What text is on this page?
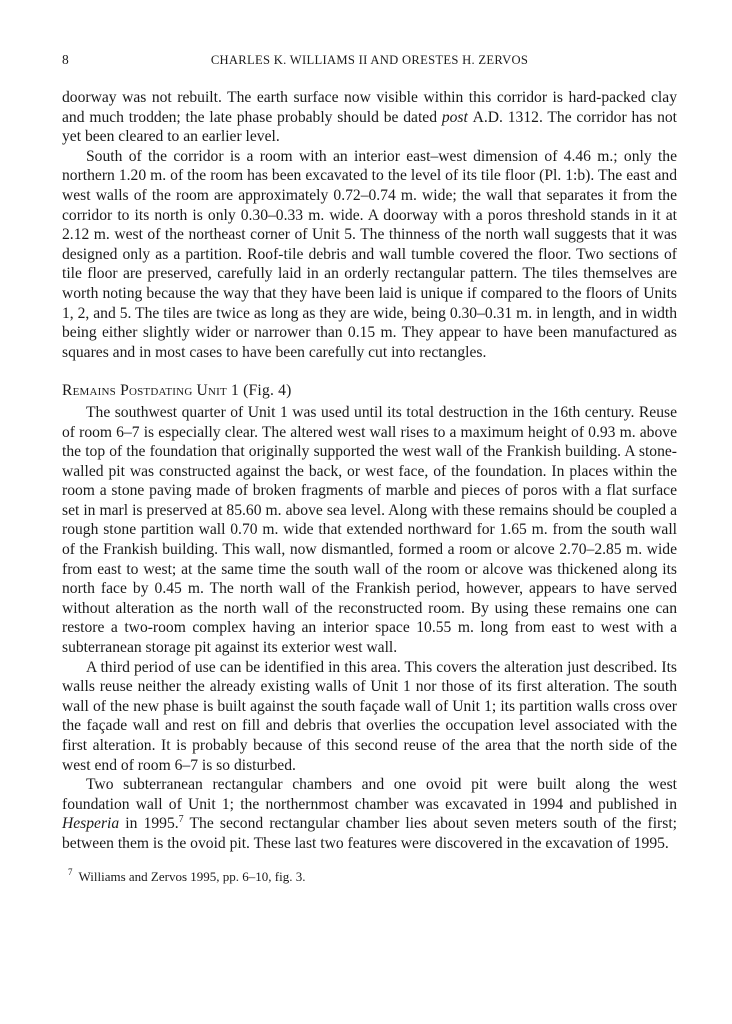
8	CHARLES K. WILLIAMS II AND ORESTES H. ZERVOS

doorway was not rebuilt. The earth surface now visible within this corridor is hard-packed clay and much trodden; the late phase probably should be dated post A.D. 1312. The corridor has not yet been cleared to an earlier level.

South of the corridor is a room with an interior east–west dimension of 4.46 m.; only the northern 1.20 m. of the room has been excavated to the level of its tile floor (Pl. 1:b). The east and west walls of the room are approximately 0.72–0.74 m. wide; the wall that separates it from the corridor to its north is only 0.30–0.33 m. wide. A doorway with a poros threshold stands in it at 2.12 m. west of the northeast corner of Unit 5. The thinness of the north wall suggests that it was designed only as a partition. Roof-tile debris and wall tumble covered the floor. Two sections of tile floor are preserved, carefully laid in an orderly rectangular pattern. The tiles themselves are worth noting because the way that they have been laid is unique if compared to the floors of Units 1, 2, and 5. The tiles are twice as long as they are wide, being 0.30–0.31 m. in length, and in width being either slightly wider or narrower than 0.15 m. They appear to have been manufactured as squares and in most cases to have been carefully cut into rectangles.

Remains Postdating Unit 1 (Fig. 4)

The southwest quarter of Unit 1 was used until its total destruction in the 16th century. Reuse of room 6–7 is especially clear. The altered west wall rises to a maximum height of 0.93 m. above the top of the foundation that originally supported the west wall of the Frankish building. A stone-walled pit was constructed against the back, or west face, of the foundation. In places within the room a stone paving made of broken fragments of marble and pieces of poros with a flat surface set in marl is preserved at 85.60 m. above sea level. Along with these remains should be coupled a rough stone partition wall 0.70 m. wide that extended northward for 1.65 m. from the south wall of the Frankish building. This wall, now dismantled, formed a room or alcove 2.70–2.85 m. wide from east to west; at the same time the south wall of the room or alcove was thickened along its north face by 0.45 m. The north wall of the Frankish period, however, appears to have served without alteration as the north wall of the reconstructed room. By using these remains one can restore a two-room complex having an interior space 10.55 m. long from east to west with a subterranean storage pit against its exterior west wall.

A third period of use can be identified in this area. This covers the alteration just described. Its walls reuse neither the already existing walls of Unit 1 nor those of its first alteration. The south wall of the new phase is built against the south façade wall of Unit 1; its partition walls cross over the façade wall and rest on fill and debris that overlies the occupation level associated with the first alteration. It is probably because of this second reuse of the area that the north side of the west end of room 6–7 is so disturbed.

Two subterranean rectangular chambers and one ovoid pit were built along the west foundation wall of Unit 1; the northernmost chamber was excavated in 1994 and published in Hesperia in 1995.$^7$ The second rectangular chamber lies about seven meters south of the first; between them is the ovoid pit. These last two features were discovered in the excavation of 1995.

$^7$ Williams and Zervos 1995, pp. 6–10, fig. 3.
